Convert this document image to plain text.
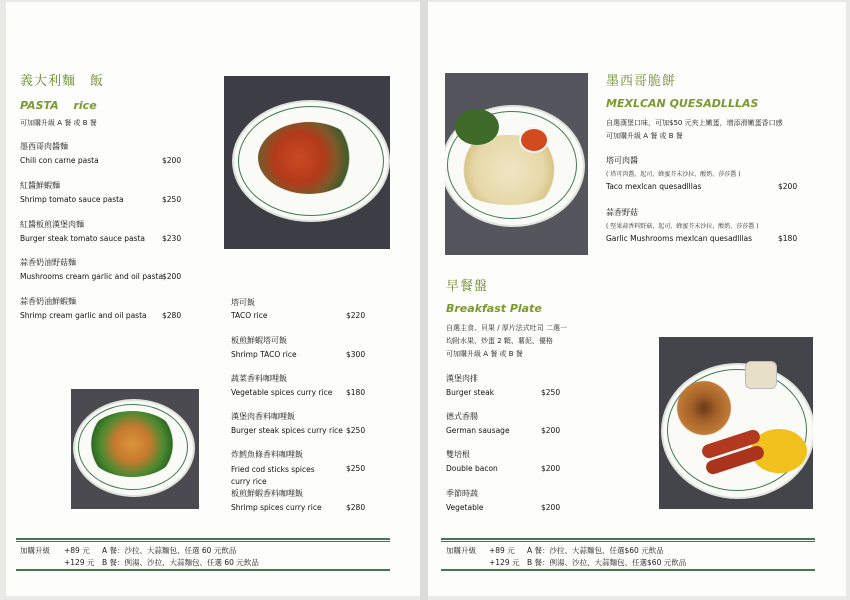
義大利麵　飯
PASTA　 rice
可加購升級 A 餐 或 B 餐
墨西哥肉醬麵
Chili con carne pasta	$200
紅醬鮮蝦麵
Shrimp tomato sauce pasta	$250
紅醬板煎漢堡肉麵
Burger steak tomato sauce pasta $230
蒜香奶油野菇麵
Mushrooms cream garlic and oil pasta
$200
蒜香奶油鮮蝦麵
Shrimp cream garlic and oil pasta $280
塔可飯
TACO rice	$220
板煎鮮蝦塔可飯
Shrimp TACO rice	$300
蔬菜香料咖哩飯
Vegetable spices curry rice $180
漢堡肉香料咖哩飯
Burger steak spices curry rice $250
炸鱈魚條香料咖哩飯
Fried cod sticks spices curry rice
$250
板煎鮮蝦香料咖哩飯
Shrimp spices curry rice	$280
加購升級 +89 元 A 餐：沙拉、大蒜麵包、任選 60 元飲品
+129 元 B 餐：例湯、沙拉、大蒜麵包、任選 60 元飲品
墨西哥脆餅
MEXLCAN QUESADLLLAS
自選漢堡口味，可加$50 元夾上嫩蛋，增添滑嫩蛋香口感
可加購升級 A 餐 或 B 餐
塔可肉醬
( 塔可肉醬、起司、蜂蜜芥末沙拉、酸奶、莎莎醬 )
Taco mexlcan quesadlllas	$200
蒜香野菇
( 堅果蒜香料野菇、起司、蜂蜜芥末沙拉、酸奶、莎莎醬 )
Garlic Mushrooms mexlcan quesadlllas	$180
早餐盤
Breakfast Plate
自選主食、貝果 / 厚片法式吐司 二選一
均附水果、炒蛋 2 顆、薯泥、優格
可加購升級 A 餐 或 B 餐
漢堡肉排
Burger steak	$250
德式香腸
German sausage	$200
雙培根
Double bacon	$200
季節時蔬
Vegetable	$200
加購升級 +89 元 A 餐：沙拉、大蒜麵包、任選$60 元飲品
+129 元 B 餐：例湯、沙拉、大蒜麵包、任選$60 元飲品
